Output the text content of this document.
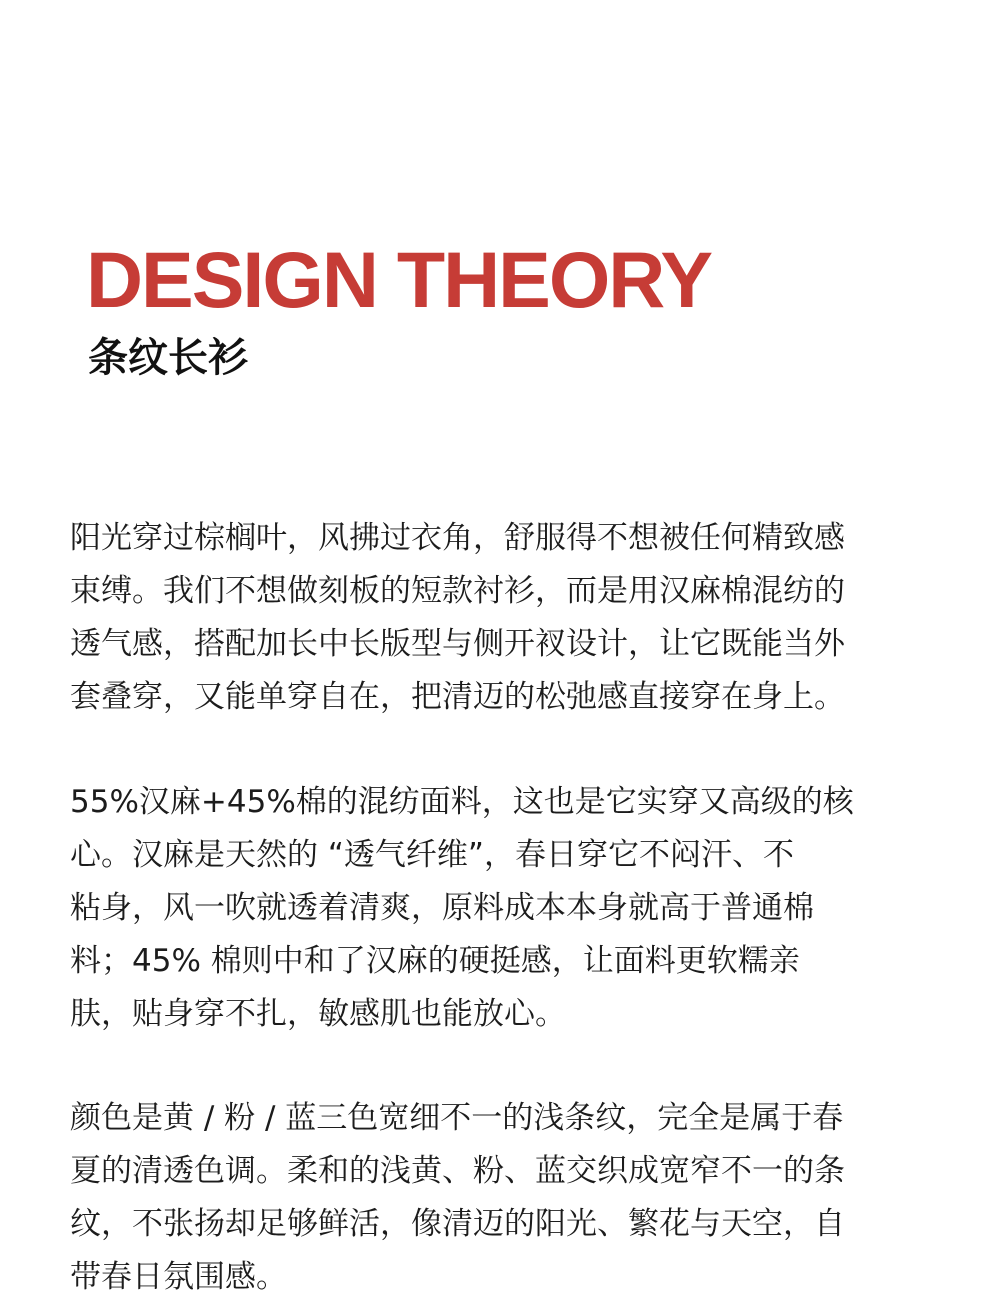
DESIGN THEORY
条纹长衫

阳光穿过棕榈叶，风拂过衣角，舒服得不想被任何精致感
束缚。我们不想做刻板的短款衬衫，而是用汉麻棉混纺的
透气感，搭配加长中长版型与侧开衩设计，让它既能当外
套叠穿，又能单穿自在，把清迈的松弛感直接穿在身上。

55%汉麻+45%棉的混纺面料，这也是它实穿又高级的核
心。汉麻是天然的 “透气纤维”，春日穿它不闷汗、不
粘身，风一吹就透着清爽，原料成本本身就高于普通棉
料；45% 棉则中和了汉麻的硬挺感，让面料更软糯亲
肤，贴身穿不扎，敏感肌也能放心。

颜色是黄 / 粉 / 蓝三色宽细不一的浅条纹，完全是属于春
夏的清透色调。柔和的浅黄、粉、蓝交织成宽窄不一的条
纹，不张扬却足够鲜活，像清迈的阳光、繁花与天空，自
带春日氛围感。
